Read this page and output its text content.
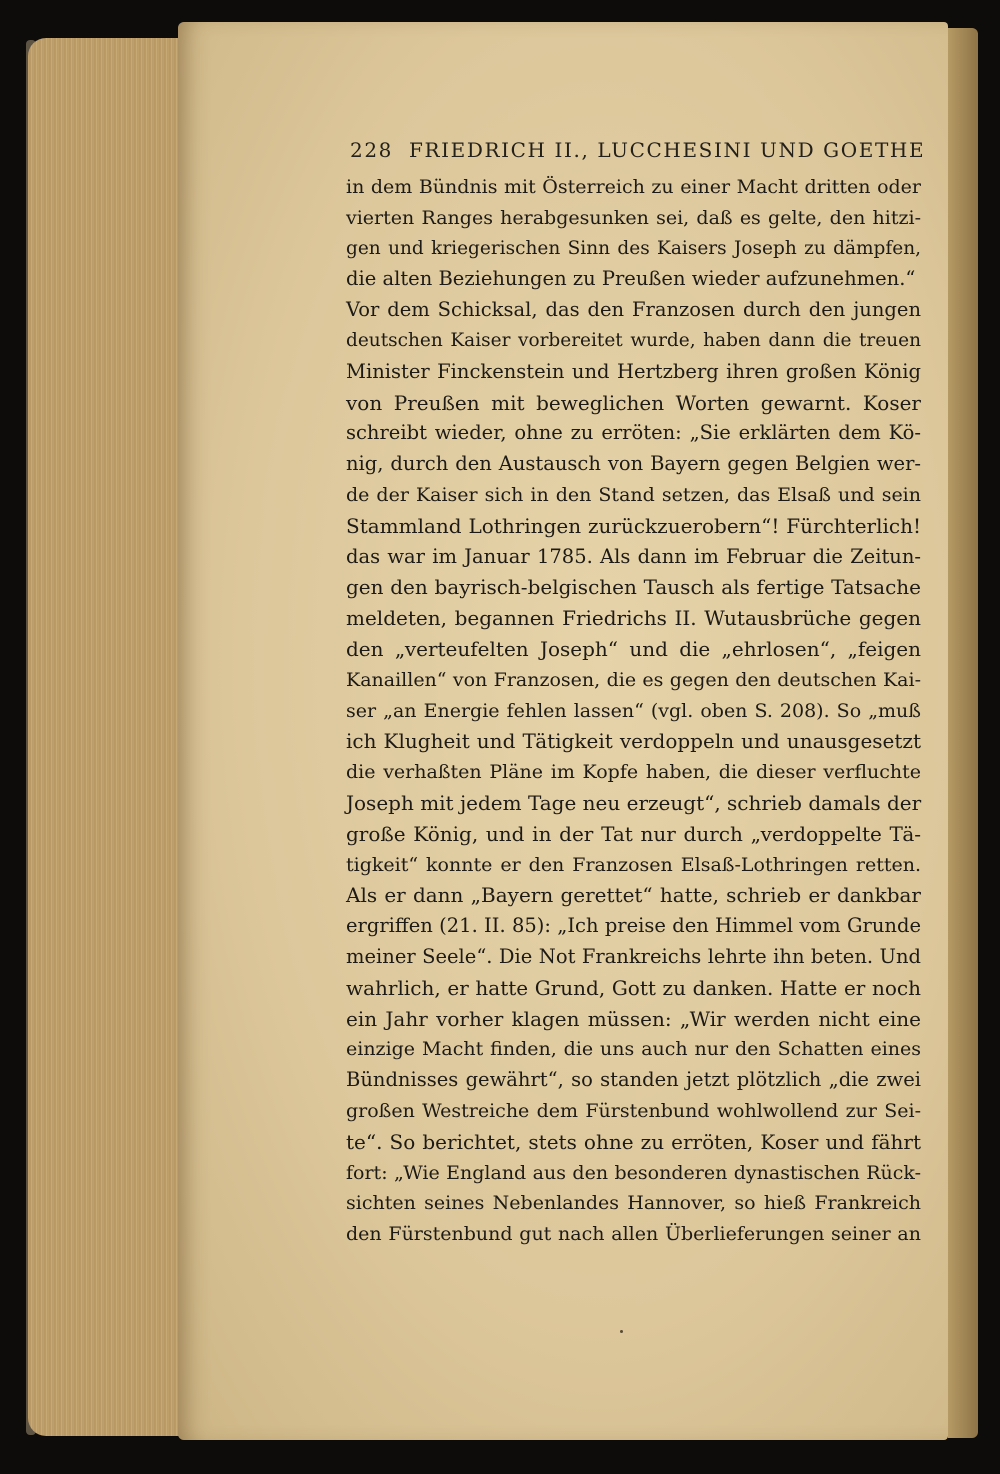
228 FRIEDRICH II., LUCCHESINI UND GOETHE
in dem Bündnis mit Österreich zu einer Macht dritten oder
vierten Ranges herabgesunken sei, daß es gelte, den hitzi-
gen und kriegerischen Sinn des Kaisers Joseph zu dämpfen,
die alten Beziehungen zu Preußen wieder aufzunehmen.“
Vor dem Schicksal, das den Franzosen durch den jungen
deutschen Kaiser vorbereitet wurde, haben dann die treuen
Minister Finckenstein und Hertzberg ihren großen König
von Preußen mit beweglichen Worten gewarnt. Koser
schreibt wieder, ohne zu erröten: „Sie erklärten dem Kö-
nig, durch den Austausch von Bayern gegen Belgien wer-
de der Kaiser sich in den Stand setzen, das Elsaß und sein
Stammland Lothringen zurückzuerobern“! Fürchterlich!
das war im Januar 1785. Als dann im Februar die Zeitun-
gen den bayrisch-belgischen Tausch als fertige Tatsache
meldeten, begannen Friedrichs II. Wutausbrüche gegen
den „verteufelten Joseph“ und die „ehrlosen“, „feigen
Kanaillen“ von Franzosen, die es gegen den deutschen Kai-
ser „an Energie fehlen lassen“ (vgl. oben S. 208). So „muß
ich Klugheit und Tätigkeit verdoppeln und unausgesetzt
die verhaßten Pläne im Kopfe haben, die dieser verfluchte
Joseph mit jedem Tage neu erzeugt“, schrieb damals der
große König, und in der Tat nur durch „verdoppelte Tä-
tigkeit“ konnte er den Franzosen Elsaß-Lothringen retten.
Als er dann „Bayern gerettet“ hatte, schrieb er dankbar
ergriffen (21. II. 85): „Ich preise den Himmel vom Grunde
meiner Seele“. Die Not Frankreichs lehrte ihn beten. Und
wahrlich, er hatte Grund, Gott zu danken. Hatte er noch
ein Jahr vorher klagen müssen: „Wir werden nicht eine
einzige Macht finden, die uns auch nur den Schatten eines
Bündnisses gewährt“, so standen jetzt plötzlich „die zwei
großen Westreiche dem Fürstenbund wohlwollend zur Sei-
te“. So berichtet, stets ohne zu erröten, Koser und fährt
fort: „Wie England aus den besonderen dynastischen Rück-
sichten seines Nebenlandes Hannover, so hieß Frankreich
den Fürstenbund gut nach allen Überlieferungen seiner an
